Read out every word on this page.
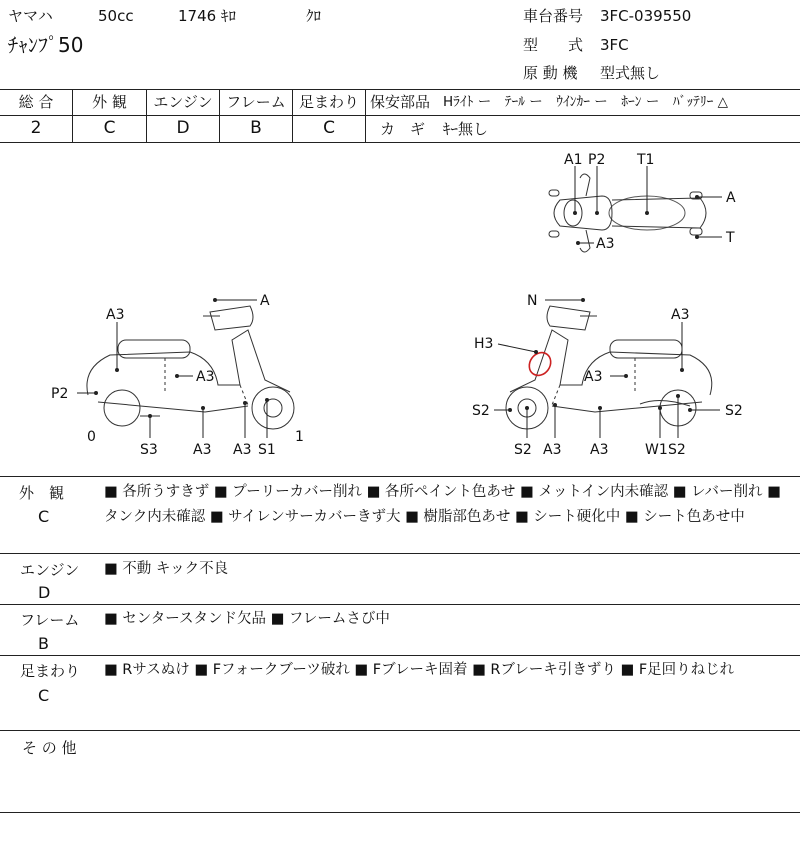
ヤマハ	50cc	1746 ｷﾛ	ｸﾛ
ﾁｬﾝﾌﾟ50
車台番号 3FC-039550
型　　式 3FC
原 動 機 型式無し
総 合	外 観	エンジン フレーム 足まわり
2	C	D	B	C
保安部品 Hﾗｲﾄ ー　ﾃｰﾙ ー　ｳｲﾝｶｰ ー　ﾎｰﾝ ー　ﾊﾞｯﾃﾘｰ △
カ　ギ ｷｰ無し
A1 P2 T1
A
A3	T
A
A3
A3
P2
0
S3	A3 A3 S1
1
N
A3
H3
A3
S2
S2
S2
A3 A3	W1 S2
外　観
C
■ 各所うすきず ■ プーリーカバー削れ ■ 各所ペイント色あせ ■ メットイン内未確認 ■ レバー削れ ■ タンク内未確認 ■ サイレンサーカバーきず大 ■ 樹脂部色あせ ■ シート硬化中 ■ シート色あせ中
エンジン
D
■ 不動 キック不良
フレーム
B
■ センタースタンド欠品 ■ フレームさび中
足まわり
C
■ Rサスぬけ ■ Fフォークブーツ破れ ■ Fブレーキ固着 ■ Rブレーキ引きずり ■ F足回りねじれ
そ の 他
